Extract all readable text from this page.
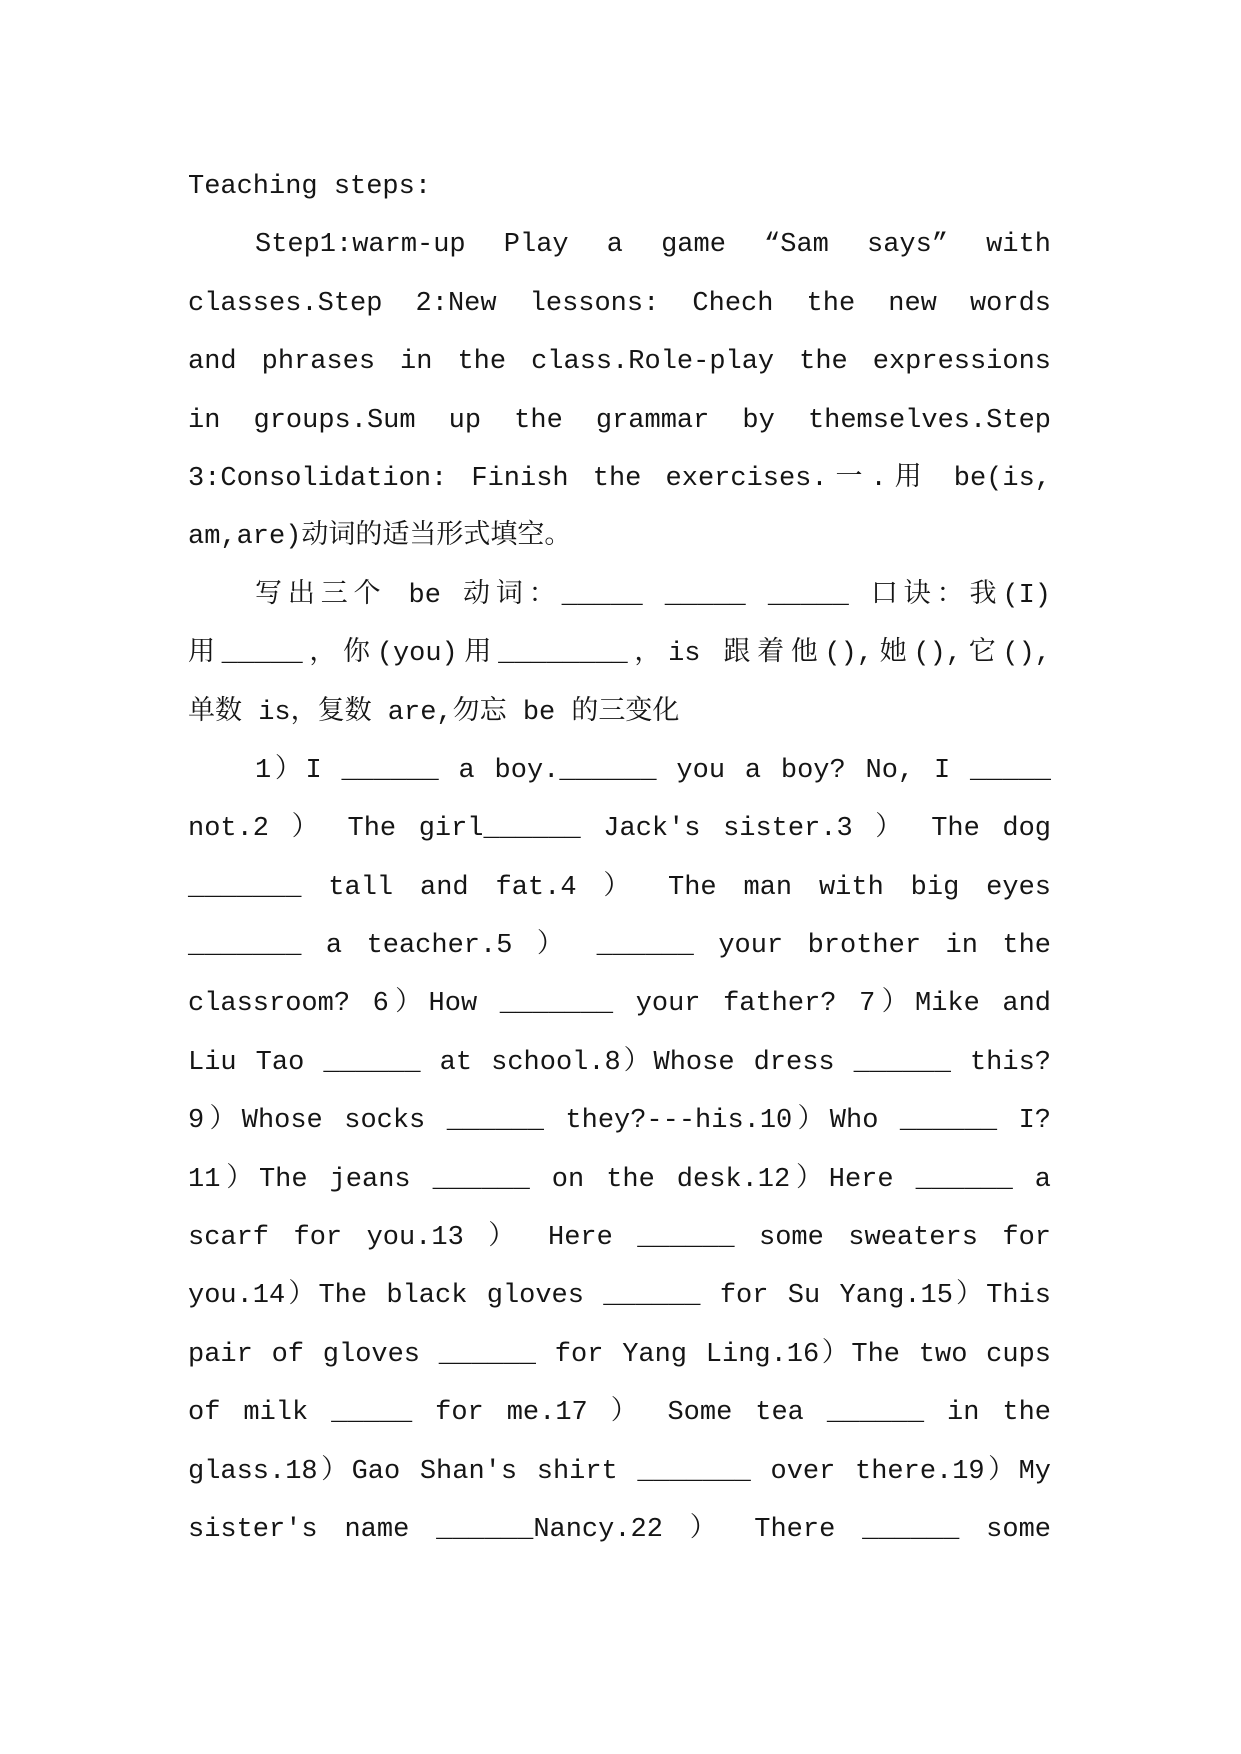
Teaching steps:
Step1:warm-up Play a game “Sam says” with
classes.Step 2:New lessons: Chech the new words
and phrases in the class.Role-play the expressions
in groups.Sum up the grammar by themselves.Step
3:Consolidation: Finish the exercises.一.用 be(is,
am,are)动词的适当形式填空。
写出三个 be 动词：_____ _____ _____ 口诀：我(I)
用_____，你(you)用________，is 跟着他(),她(),它(),
单数 is，复数 are,勿忘 be 的三变化
1）I ______ a boy.______ you a boy? No, I _____
not.2 ） The girl______ Jack's sister.3 ） The dog
_______ tall and fat.4 ） The man with big eyes
_______ a teacher.5 ） ______ your brother in the
classroom? 6）How _______ your father? 7）Mike and
Liu Tao ______ at school.8）Whose dress ______ this?
9）Whose socks ______ they?---his.10）Who ______ I?
11）The jeans ______ on the desk.12）Here ______ a
scarf for you.13 ） Here ______ some sweaters for
you.14）The black gloves ______ for Su Yang.15）This
pair of gloves ______ for Yang Ling.16）The two cups
of milk _____ for me.17 ） Some tea ______ in the
glass.18）Gao Shan's shirt _______ over there.19）My
sister's name ______Nancy.22 ） There ______ some
